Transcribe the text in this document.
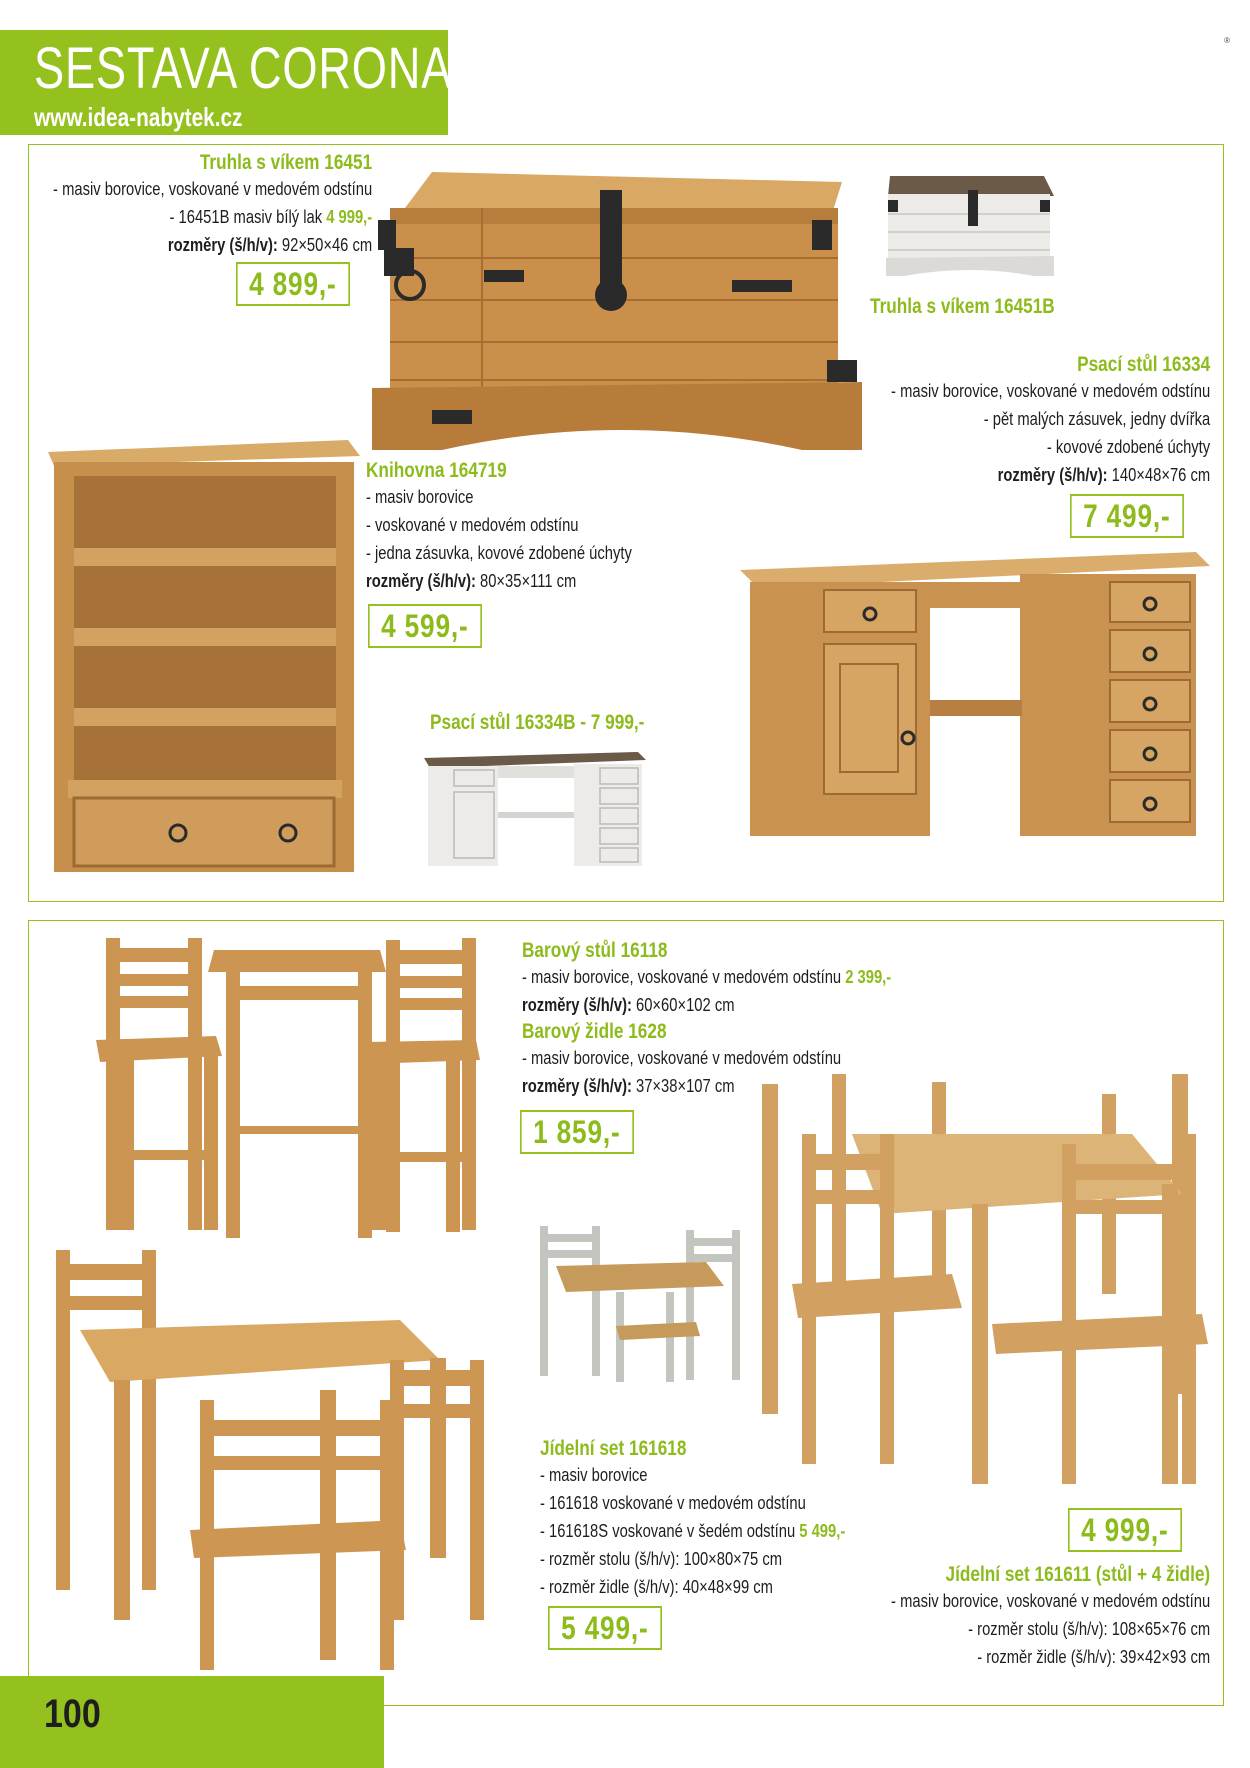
SESTAVA CORONA
www.idea-nabytek.cz
®
Truhla s víkem 16451
- masiv borovice, voskované v medovém odstínu
- 16451B masiv bílý lak 4 999,-
rozměry (š/h/v): 92×50×46 cm
4 899,-
Truhla s víkem 16451B
Psací stůl 16334
- masiv borovice, voskované v medovém odstínu
- pět malých zásuvek, jedny dvířka
- kovové zdobené úchyty
rozměry (š/h/v): 140×48×76 cm
7 499,-
Knihovna 164719
- masiv borovice
- voskované v medovém odstínu
- jedna zásuvka, kovové zdobené úchyty
rozměry (š/h/v): 80×35×111 cm
4 599,-
Psací stůl 16334B - 7 999,-
Barový stůl 16118
- masiv borovice, voskované v medovém odstínu 2 399,-
rozměry (š/h/v): 60×60×102 cm
Barový židle 1628
- masiv borovice, voskované v medovém odstínu
rozměry (š/h/v): 37×38×107 cm
1 859,-
Jídelní set 161618
- masiv borovice
- 161618 voskované v medovém odstínu
- 161618S voskované v šedém odstínu 5 499,-
- rozměr stolu (š/h/v): 100×80×75 cm
- rozměr židle (š/h/v): 40×48×99 cm
5 499,-
4 999,-
Jídelní set 161611 (stůl + 4 židle)
- masiv borovice, voskované v medovém odstínu
- rozměr stolu (š/h/v): 108×65×76 cm
- rozměr židle (š/h/v): 39×42×93 cm
100
